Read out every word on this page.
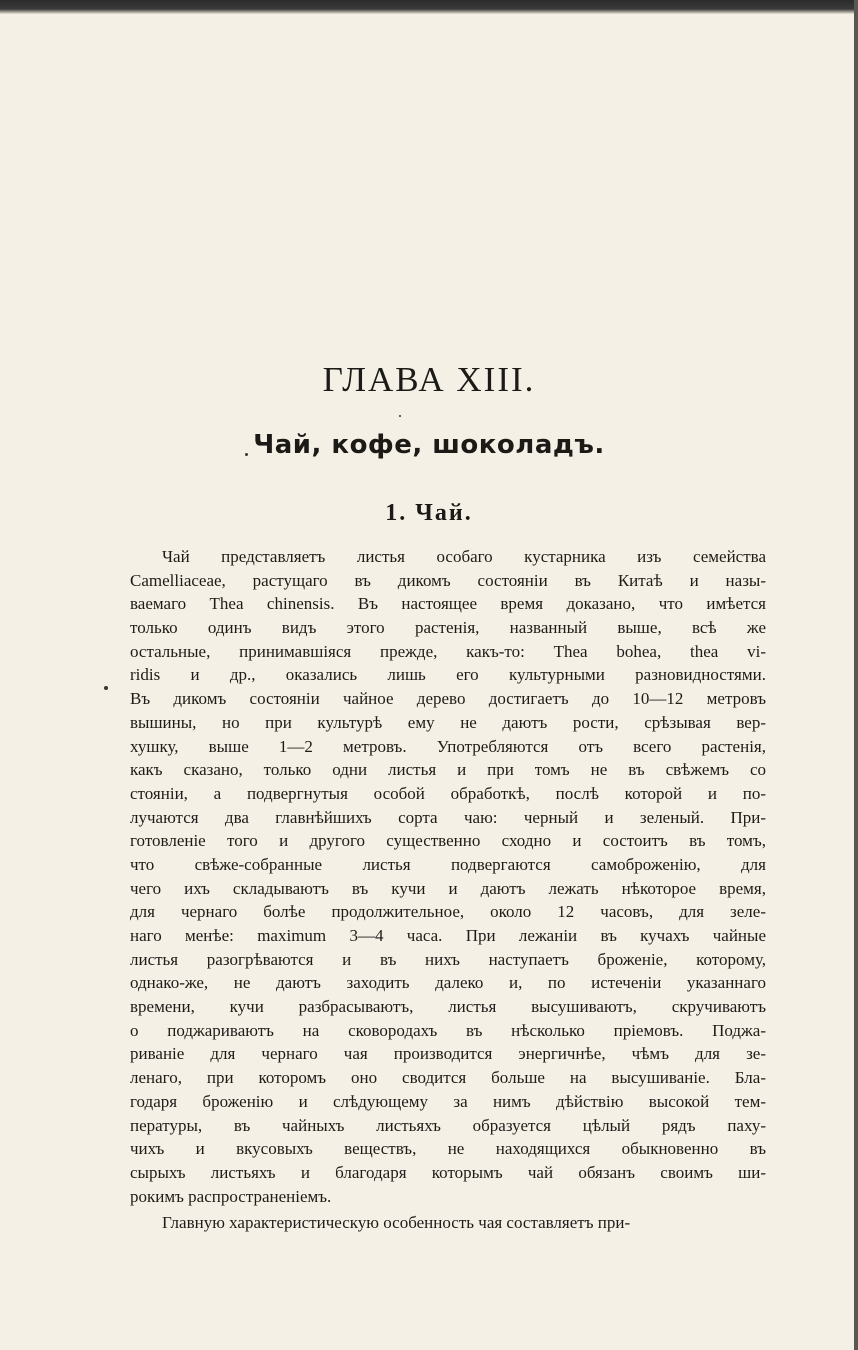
ГЛАВА XIII.
Чай, кофе, шоколадъ.
1. Чай.
Чай представляетъ листья особаго кустарника изъ семейства
Camelliaceae, растущаго въ дикомъ состояніи въ Китаѣ и назы-
ваемаго Thea chinensis. Въ настоящее время доказано, что имѣется
только одинъ видъ этого растенія, названный выше, всѣ же
остальные, принимавшіяся прежде, какъ-то: Thea bohea, thea vi-
ridis и др., оказались лишь его культурными разновидностями.
Въ дикомъ состояніи чайное дерево достигаетъ до 10—12 метровъ
вышины, но при культурѣ ему не даютъ рости, срѣзывая вер-
хушку, выше 1—2 метровъ. Употребляются отъ всего растенія,
какъ сказано, только одни листья и при томъ не въ свѣжемъ со
стояніи, а подвергнутыя особой обработкѣ, послѣ которой и по-
лучаются два главнѣйшихъ сорта чаю: черный и зеленый. При-
готовленіе того и другого существенно сходно и состоитъ въ томъ,
что свѣже-собранные листья подвергаются самоброженію, для
чего ихъ складываютъ въ кучи и даютъ лежать нѣкоторое время,
для чернаго болѣе продолжительное, около 12 часовъ, для зеле-
наго менѣе: maximum 3—4 часа. При лежаніи въ кучахъ чайные
листья разогрѣваются и въ нихъ наступаетъ броженіе, которому,
однако-же, не даютъ заходить далеко и, по истеченіи указаннаго
времени, кучи разбрасываютъ, листья высушиваютъ, скручиваютъ
о поджариваютъ на сковородахъ въ нѣсколько пріемовъ. Поджа-
риваніе для чернаго чая производится энергичнѣе, чѣмъ для зе-
ленаго, при которомъ оно сводится больше на высушиваніе. Бла-
годаря броженію и слѣдующему за нимъ дѣйствію высокой тем-
пературы, въ чайныхъ листьяхъ образуется цѣлый рядъ паху-
чихъ и вкусовыхъ веществъ, не находящихся обыкновенно въ
сырыхъ листьяхъ и благодаря которымъ чай обязанъ своимъ ши-
рокимъ распространеніемъ.
Главную характеристическую особенность чая составляетъ при-
